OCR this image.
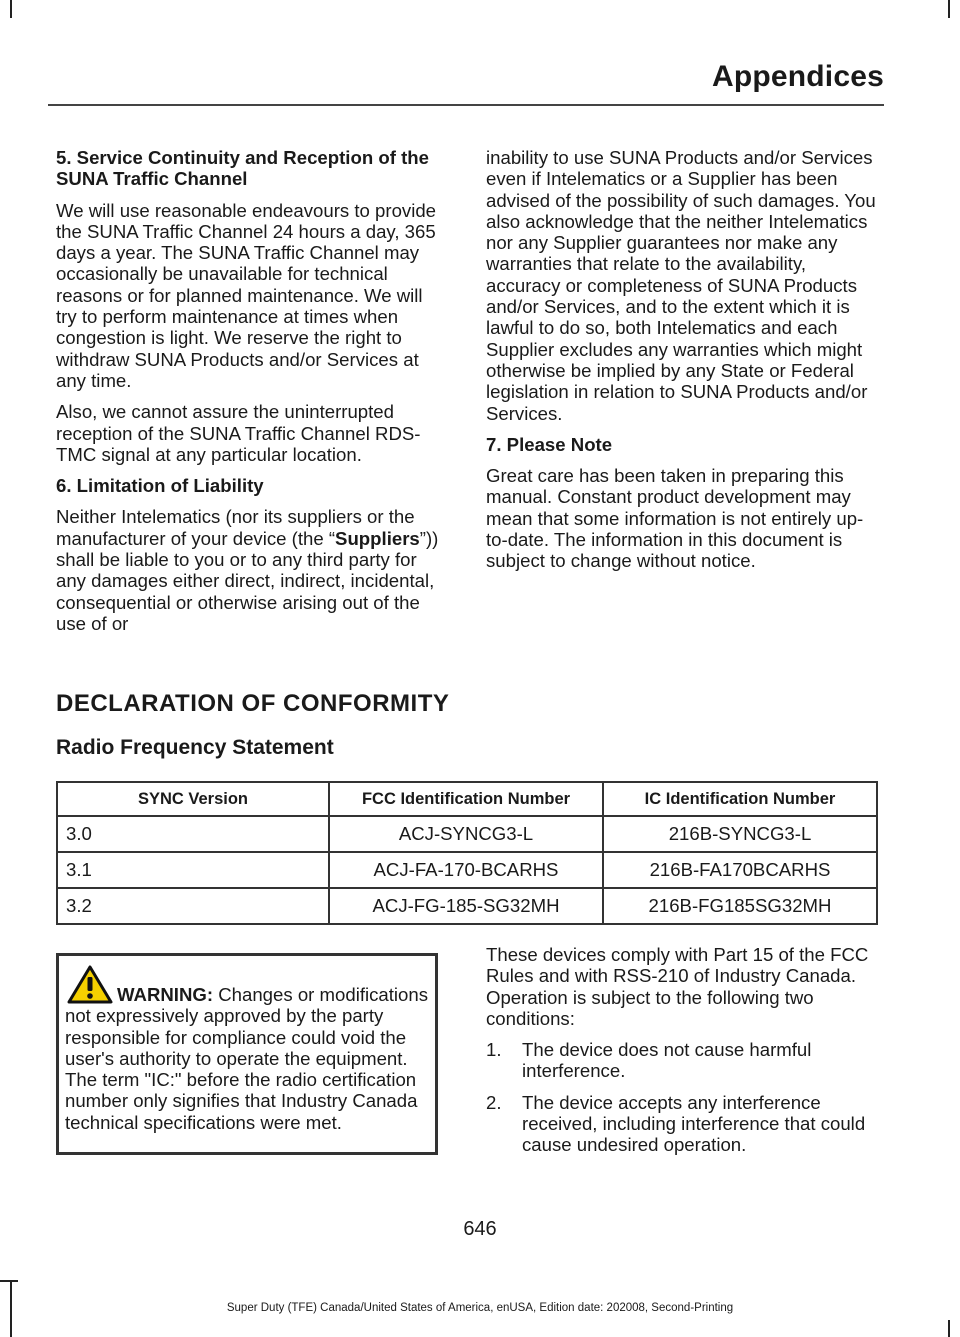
Appendices
5. Service Continuity and Reception of the SUNA Traffic Channel

We will use reasonable endeavours to provide the SUNA Traffic Channel 24 hours a day, 365 days a year. The SUNA Traffic Channel may occasionally be unavailable for technical reasons or for planned maintenance. We will try to perform maintenance at times when congestion is light. We reserve the right to withdraw SUNA Products and/or Services at any time.

Also, we cannot assure the uninterrupted reception of the SUNA Traffic Channel RDS-TMC signal at any particular location.

6. Limitation of Liability

Neither Intelematics (nor its suppliers or the manufacturer of your device (the “Suppliers”)) shall be liable to you or to any third party for any damages either direct, indirect, incidental, consequential or otherwise arising out of the use of or

inability to use SUNA Products and/or Services even if Intelematics or a Supplier has been advised of the possibility of such damages. You also acknowledge that the neither Intelematics nor any Supplier guarantees nor make any warranties that relate to the availability, accuracy or completeness of SUNA Products and/or Services, and to the extent which it is lawful to do so, both Intelematics and each Supplier excludes any warranties which might otherwise be implied by any State or Federal legislation in relation to SUNA Products and/or Services.

7. Please Note

Great care has been taken in preparing this manual. Constant product development may mean that some information is not entirely up-to-date. The information in this document is subject to change without notice.

DECLARATION OF CONFORMITY
Radio Frequency Statement
SYNC Version	FCC Identification Number	IC Identification Number
3.0	ACJ-SYNCG3-L	216B-SYNCG3-L
3.1	ACJ-FA-170-BCARHS	216B-FA170BCARHS
3.2	ACJ-FG-185-SG32MH	216B-FG185SG32MH
WARNING: Changes or modifications not expressively approved by the party responsible for compliance could void the user's authority to operate the equipment. The term "IC:" before the radio certification number only signifies that Industry Canada technical specifications were met.

These devices comply with Part 15 of the FCC Rules and with RSS-210 of Industry Canada. Operation is subject to the following two conditions:

1. The device does not cause harmful interference.
2. The device accepts any interference received, including interference that could cause undesired operation.
646
Super Duty (TFE) Canada/United States of America, enUSA, Edition date: 202008, Second-Printing
